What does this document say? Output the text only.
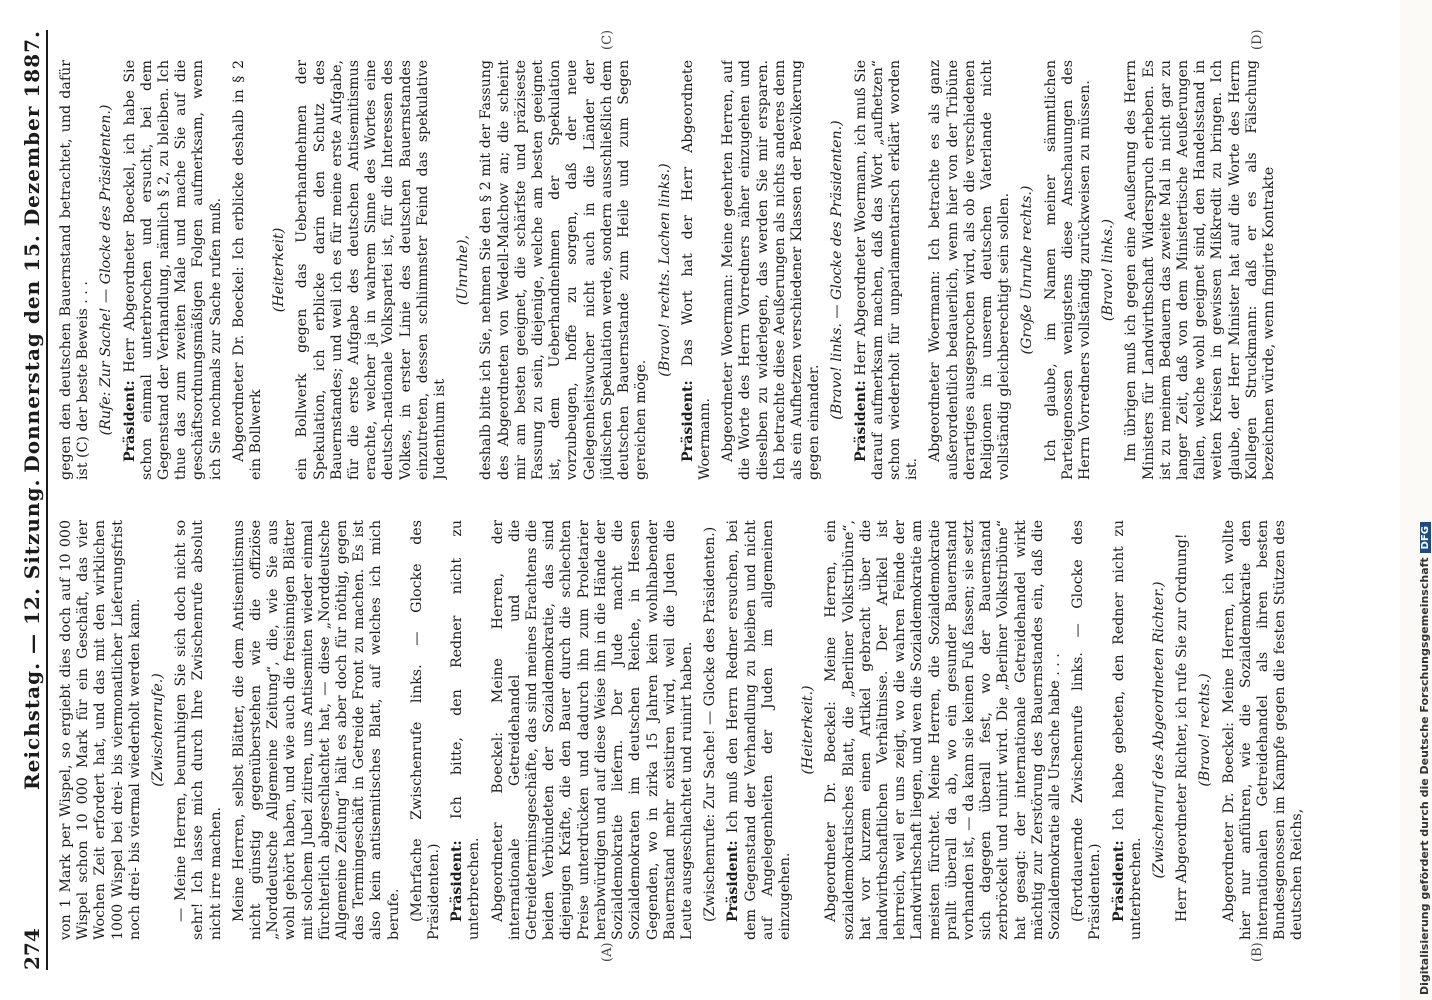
274
Reichstag. — 12. Sitzung.
Donnerstag den 15. Dezember 1887.
(A)	(B)
(C)	(D)

von 1 Mark per Wispel, so ergiebt dies doch auf 10 000 Wispel schon 10 000 Mark für ein Geschäft, das vier Wochen Zeit erfordert hat, und das mit den wirklichen 1000 Wispel bei drei- bis viermonatlicher Lieferungsfrist noch drei- bis viermal wiederholt werden kann. (Zwischenrufe.) — Meine Herren, beunruhigen Sie sich doch nicht so sehr! Ich lasse mich durch Ihre Zwischenrufe absolut nicht irre machen. Meine Herren, selbst Blätter, die dem Antisemitismus nicht günstig gegenüberstehen wie die offiziöse „Norddeutsche Allgemeine Zeitung“, die, wie Sie aus wohl gehört haben, und wie auch die freisinnigen Blätter mit solchem Jubel zitiren, uns Antisemiten wieder einmal fürchterlich abgeschlachtet hat, — diese „Norddeutsche Allgemeine Zeitung“ hält es aber doch für nöthig, gegen das Termingeschäft in Getreide Front zu machen. Es ist also kein antisemitisches Blatt, auf welches ich mich berufe. (Mehrfache Zwischenrufe links. — Glocke des Präsidenten.) Präsident: Ich bitte, den Redner nicht zu unterbrechen. Abgeordneter Boeckel: Meine Herren, der internationale Getreidehandel und die Getreideterminsgeschäfte, das sind meines Erachtens die beiden Verbündeten der Sozialdemokratie, das sind diejenigen Kräfte, die den Bauer durch die schlechten Preise unterdrücken und dadurch ihn zum Proletarier herabwürdigen und auf diese Weise ihn in die Hände der Sozialdemokratie liefern. Der Jude macht die Sozialdemokraten im deutschen Reiche, in Hessen Gegenden, wo in zirka 15 Jahren kein wohlhabender Bauernstand mehr existiren wird, weil die Juden die Leute ausgeschlachtet und ruinirt haben. (Zwischenrufe: Zur Sache! — Glocke des Präsidenten.) Präsident: Ich muß den Herrn Redner ersuchen, bei dem Gegenstand der Verhandlung zu bleiben und nicht auf Angelegenheiten der Juden im allgemeinen einzugehen.

(Heiterkeit.) Abgeordneter Dr. Boeckel: Meine Herren, ein sozialdemokratisches Blatt, die „Berliner Volkstribüne“, hat vor kurzem einen Artikel gebracht über die landwirthschaftlichen Verhältnisse. Der Artikel ist lehrreich, weil er uns zeigt, wo die wahren Feinde der Landwirthschaft liegen, und wen die Sozialdemokratie am meisten fürchtet. Meine Herren, die Sozialdemokratie prallt überall da ab, wo ein gesunder Bauernstand vorhanden ist, — da kann sie keinen Fuß fassen; sie setzt sich dagegen überall fest, wo der Bauernstand zerbröckelt und ruinirt wird. Die „Berliner Volkstribüne“ hat gesagt: der internationale Getreidehandel wirkt mächtig zur Zerstörung des Bauernstandes ein, daß die Sozialdemokratie alle Ursache habe . . . (Fortdauernde Zwischenrufe links. — Glocke des Präsidenten.) Präsident: Ich habe gebeten, den Redner nicht zu unterbrechen.

(Zwischenruf des Abgeordneten Richter.) Herr Abgeordneter Richter, ich rufe Sie zur Ordnung! (Bravo! rechts.) Abgeordneter Dr. Boeckel: Meine Herren, ich wollte hier nur anführen, wie die Sozialdemokratie den internationalen Getreidehandel als ihren besten Bundesgenossen im Kampfe gegen die festen Stützen des deutschen Reichs,

gegen den deutschen Bauernstand betrachtet, und dafür ist (C) der beste Beweis . . . (Rufe: Zur Sache! — Glocke des Präsidenten.) Präsident: Herr Abgeordneter Boeckel, ich habe Sie schon einmal unterbrochen und ersucht, bei dem Gegenstand der Verhandlung, nämlich § 2, zu bleiben. Ich thue das zum zweiten Male und mache Sie auf die geschäftsordnungsmäßigen Folgen aufmerksam, wenn ich Sie nochmals zur Sache rufen muß. Abgeordneter Dr. Boeckel: Ich erblicke deshalb in § 2 ein Bollwerk

(Heiterkeit) ein Bollwerk gegen das Ueberhandnehmen der Spekulation, ich erblicke darin den Schutz des Bauernstandes; und weil ich es für meine erste Aufgabe, für die erste Aufgabe des deutschen Antisemitismus erachte, welcher ja in wahrem Sinne des Wortes eine deutsch-nationale Volkspartei ist, für die Interessen des Volkes, in erster Linie des deutschen Bauernstandes einzutreten, dessen schlimmster Feind das spekulative Judenthum ist

(Unruhe), deshalb bitte ich Sie, nehmen Sie den § 2 mit der Fassung des Abgeordneten von Wedell-Malchow an; die scheint mir am besten geeignet, die schärfste und präziseste Fassung zu sein, diejenige, welche am besten geeignet ist, dem Ueberhandnehmen der Spekulation vorzubeugen, hoffe zu sorgen, daß der neue Gelegenheitswucher nicht auch in die Länder der jüdischen Spekulation werde, sondern ausschließlich dem deutschen Bauernstande zum Heile und zum Segen gereichen möge.

(Bravo! rechts. Lachen links.)

Präsident: Das Wort hat der Herr Abgeordnete Woermann. Abgeordneter Woermann: Meine geehrten Herren, auf die Worte des Herrn Vorredners näher einzugehen und dieselben zu widerlegen, das werden Sie mir ersparen. Ich betrachte diese Aeußerungen als nichts anderes denn als ein Aufhetzen verschiedener Klassen der Bevölkerung gegen einander.

(Bravo! links. — Glocke des Präsidenten.)

Präsident: Herr Abgeordneter Woermann, ich muß Sie darauf aufmerksam machen, daß das Wort „aufhetzen“ schon wiederholt für unparlamentarisch erklärt worden ist.

Abgeordneter Woermann: Ich betrachte es als ganz außerordentlich bedauerlich, wenn hier von der Tribüne derartiges ausgesprochen wird, als ob die verschiedenen Religionen in unserem deutschen Vaterlande nicht vollständig gleichberechtigt sein sollen. (Große Unruhe rechts.) Ich glaube, im Namen meiner sämmtlichen Parteigenossen wenigstens diese Anschauungen des Herrn Vorredners vollständig zurückweisen zu müssen. (Bravo! links.) Im übrigen muß ich gegen eine Aeußerung des Herrn Ministers für Landwirthschaft Widerspruch erheben. Es ist zu meinem Bedauern das zweite Mal in nicht gar zu langer Zeit, daß von dem Ministertische Aeußerungen fallen, welche wohl geeignet sind, den Handelsstand in weiten Kreisen in gewissen Mißkredit zu bringen. Ich glaube, der Herr Minister hat auf die Worte des Herrn Kollegen Struckmann: daß er es als Fälschung bezeichnen würde, wenn fingirte Kontrakte

Digitalisierung gefördert durch die Deutsche ForschungsgemeinschaftDFG
